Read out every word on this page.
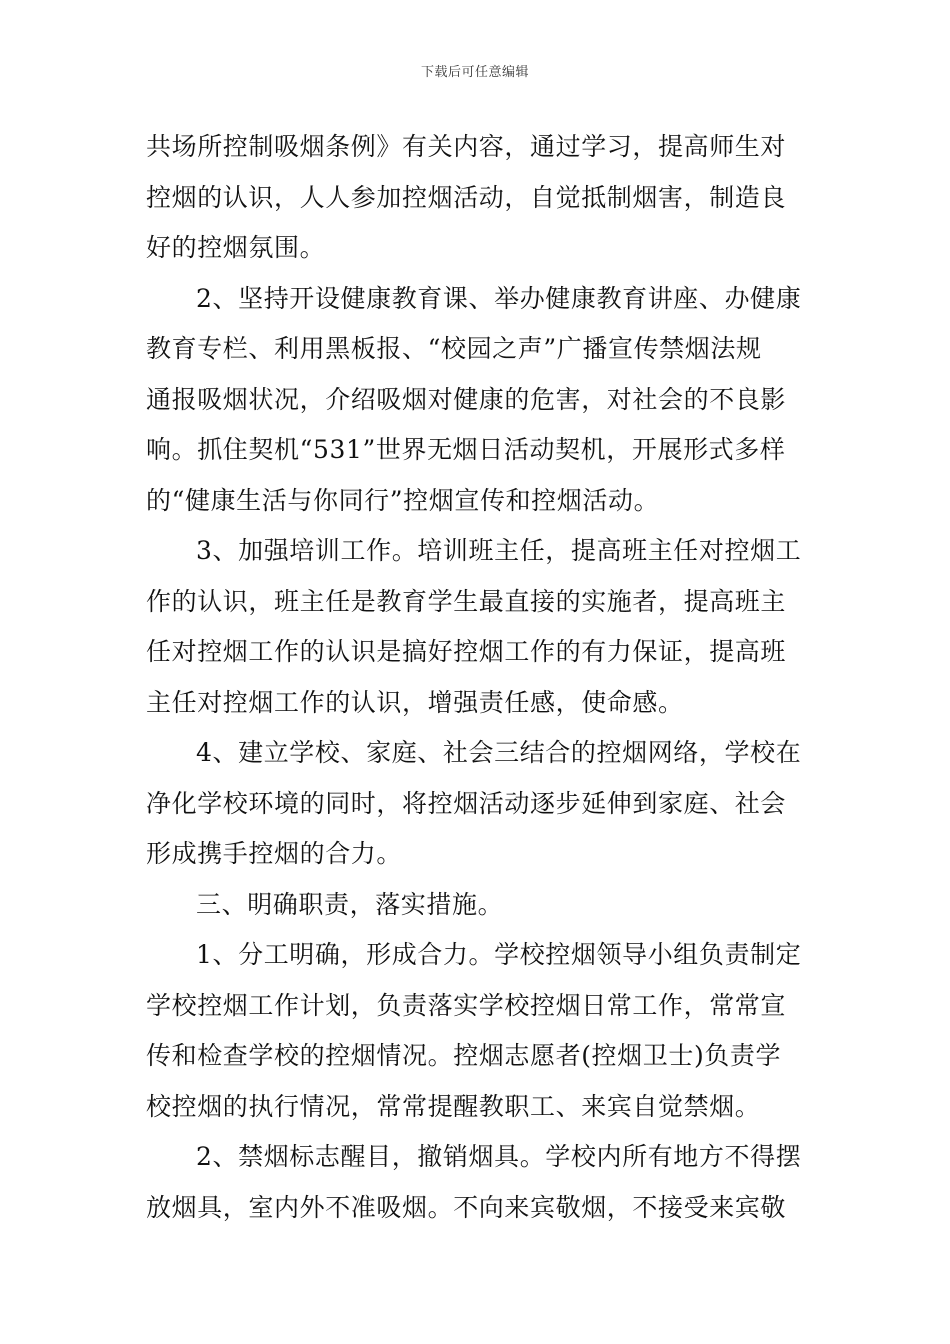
下载后可任意编辑
共场所控制吸烟条例》有关内容，通过学习，提高师生对
控烟的认识，人人参加控烟活动，自觉抵制烟害，制造良
好的控烟氛围。
2、坚持开设健康教育课、举办健康教育讲座、办健康
教育专栏、利用黑板报、“校园之声”广播宣传禁烟法规
通报吸烟状况，介绍吸烟对健康的危害，对社会的不良影
响。抓住契机“531”世界无烟日活动契机，开展形式多样
的“健康生活与你同行”控烟宣传和控烟活动。
3、加强培训工作。培训班主任，提高班主任对控烟工
作的认识，班主任是教育学生最直接的实施者，提高班主
任对控烟工作的认识是搞好控烟工作的有力保证，提高班
主任对控烟工作的认识，增强责任感，使命感。
4、建立学校、家庭、社会三结合的控烟网络，学校在
净化学校环境的同时，将控烟活动逐步延伸到家庭、社会
形成携手控烟的合力。
三、明确职责，落实措施。
1、分工明确，形成合力。学校控烟领导小组负责制定
学校控烟工作计划，负责落实学校控烟日常工作，常常宣
传和检查学校的控烟情况。控烟志愿者(控烟卫士)负责学
校控烟的执行情况，常常提醒教职工、来宾自觉禁烟。
2、禁烟标志醒目，撤销烟具。学校内所有地方不得摆
放烟具，室内外不准吸烟。不向来宾敬烟，不接受来宾敬
